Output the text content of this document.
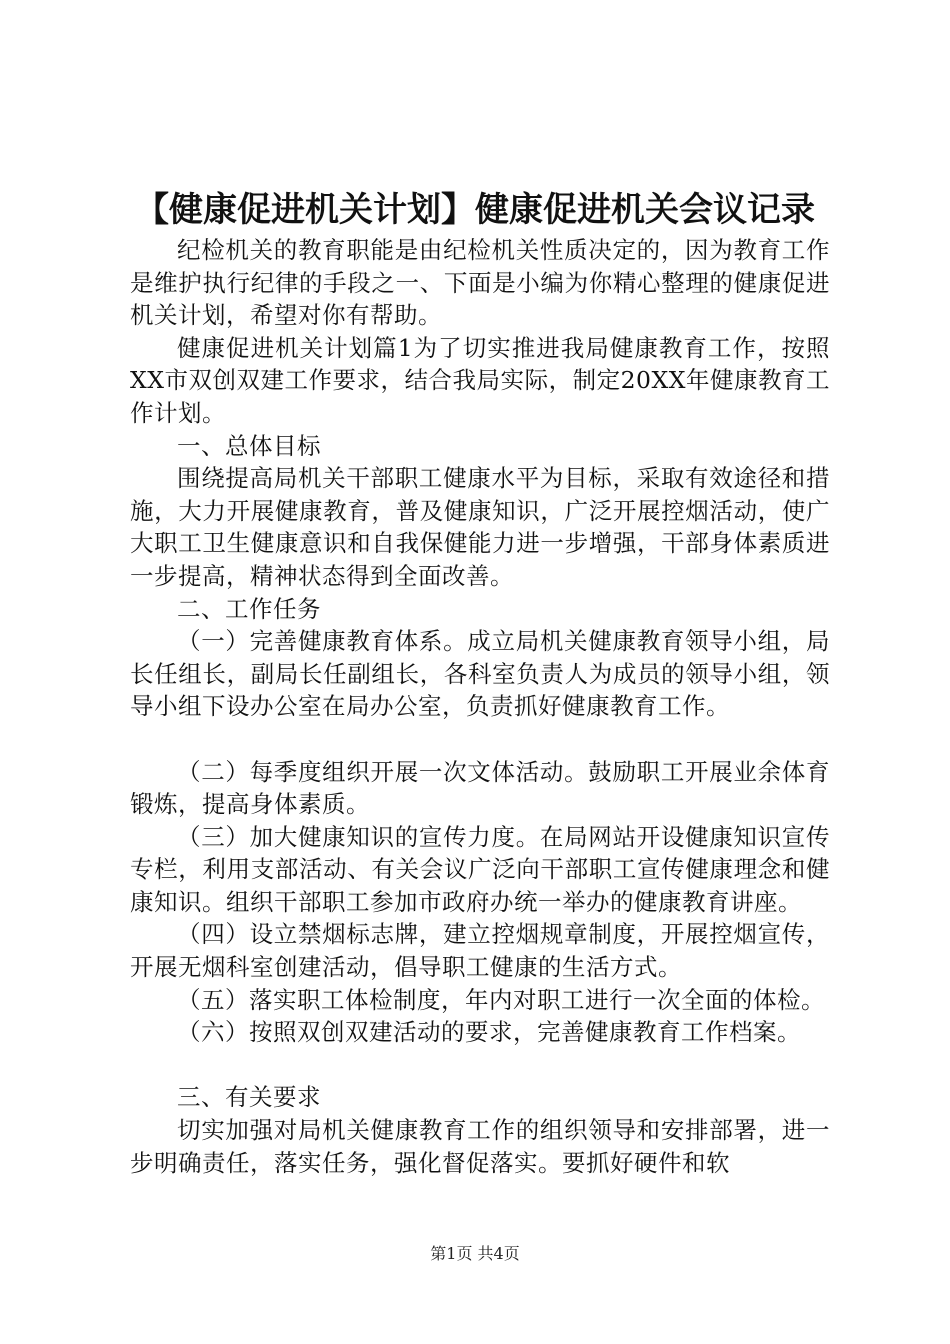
【健康促进机关计划】健康促进机关会议记录

纪检机关的教育职能是由纪检机关性质决定的，因为教育工作是维护执行纪律的手段之一、下面是小编为你精心整理的健康促进机关计划，希望对你有帮助。

健康促进机关计划篇1为了切实推进我局健康教育工作，按照XX市双创双建工作要求，结合我局实际，制定20XX年健康教育工作计划。

一、总体目标

围绕提高局机关干部职工健康水平为目标，采取有效途径和措施，大力开展健康教育，普及健康知识，广泛开展控烟活动，使广大职工卫生健康意识和自我保健能力进一步增强，干部身体素质进一步提高，精神状态得到全面改善。

二、工作任务

（一）完善健康教育体系。成立局机关健康教育领导小组，局长任组长，副局长任副组长，各科室负责人为成员的领导小组，领导小组下设办公室在局办公室，负责抓好健康教育工作。

（二）每季度组织开展一次文体活动。鼓励职工开展业余体育锻炼，提高身体素质。

（三）加大健康知识的宣传力度。在局网站开设健康知识宣传专栏，利用支部活动、有关会议广泛向干部职工宣传健康理念和健康知识。组织干部职工参加市政府办统一举办的健康教育讲座。

（四）设立禁烟标志牌，建立控烟规章制度，开展控烟宣传，开展无烟科室创建活动，倡导职工健康的生活方式。

（五）落实职工体检制度，年内对职工进行一次全面的体检。

（六）按照双创双建活动的要求，完善健康教育工作档案。

三、有关要求

切实加强对局机关健康教育工作的组织领导和安排部署，进一步明确责任，落实任务，强化督促落实。要抓好硬件和软

第1页 共4页
